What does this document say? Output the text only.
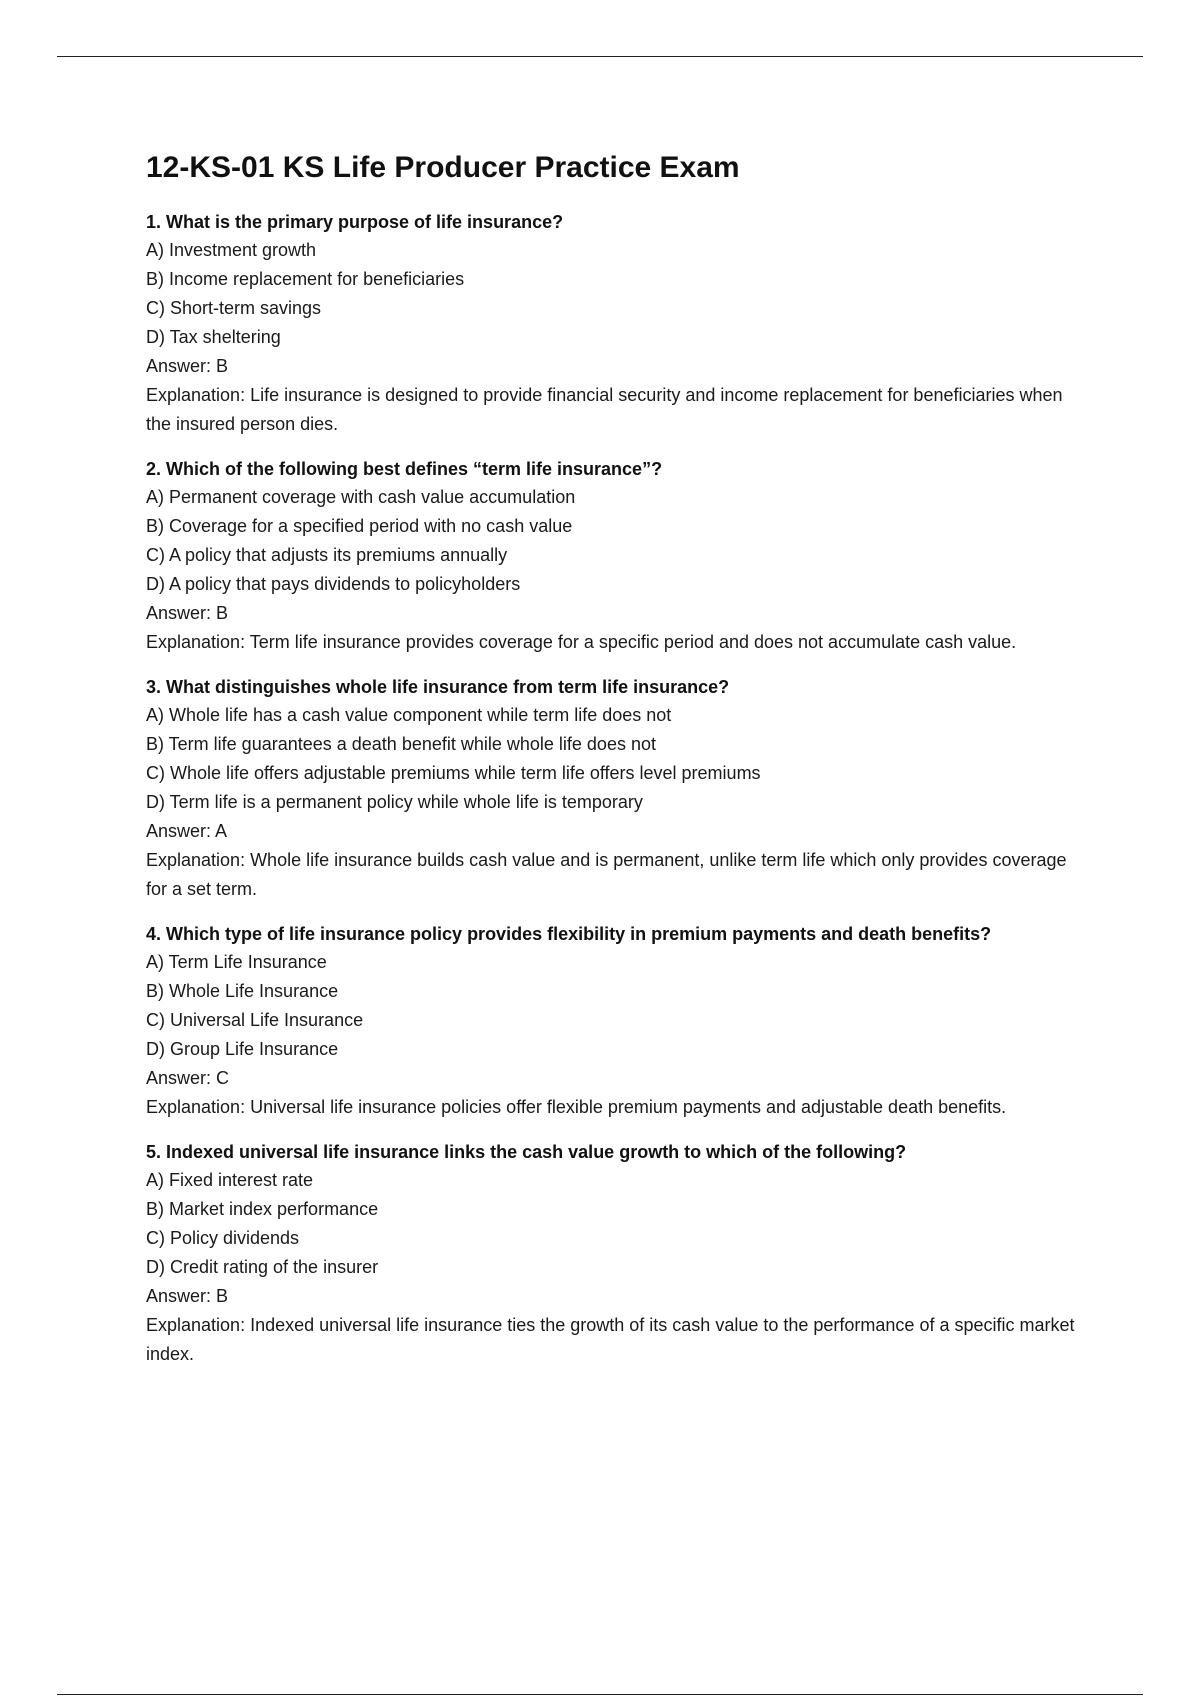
12-KS-01 KS Life Producer Practice Exam
1. What is the primary purpose of life insurance?
A) Investment growth
B) Income replacement for beneficiaries
C) Short-term savings
D) Tax sheltering
Answer: B
Explanation: Life insurance is designed to provide financial security and income replacement for beneficiaries when the insured person dies.
2. Which of the following best defines “term life insurance”?
A) Permanent coverage with cash value accumulation
B) Coverage for a specified period with no cash value
C) A policy that adjusts its premiums annually
D) A policy that pays dividends to policyholders
Answer: B
Explanation: Term life insurance provides coverage for a specific period and does not accumulate cash value.
3. What distinguishes whole life insurance from term life insurance?
A) Whole life has a cash value component while term life does not
B) Term life guarantees a death benefit while whole life does not
C) Whole life offers adjustable premiums while term life offers level premiums
D) Term life is a permanent policy while whole life is temporary
Answer: A
Explanation: Whole life insurance builds cash value and is permanent, unlike term life which only provides coverage for a set term.
4. Which type of life insurance policy provides flexibility in premium payments and death benefits?
A) Term Life Insurance
B) Whole Life Insurance
C) Universal Life Insurance
D) Group Life Insurance
Answer: C
Explanation: Universal life insurance policies offer flexible premium payments and adjustable death benefits.
5. Indexed universal life insurance links the cash value growth to which of the following?
A) Fixed interest rate
B) Market index performance
C) Policy dividends
D) Credit rating of the insurer
Answer: B
Explanation: Indexed universal life insurance ties the growth of its cash value to the performance of a specific market index.
